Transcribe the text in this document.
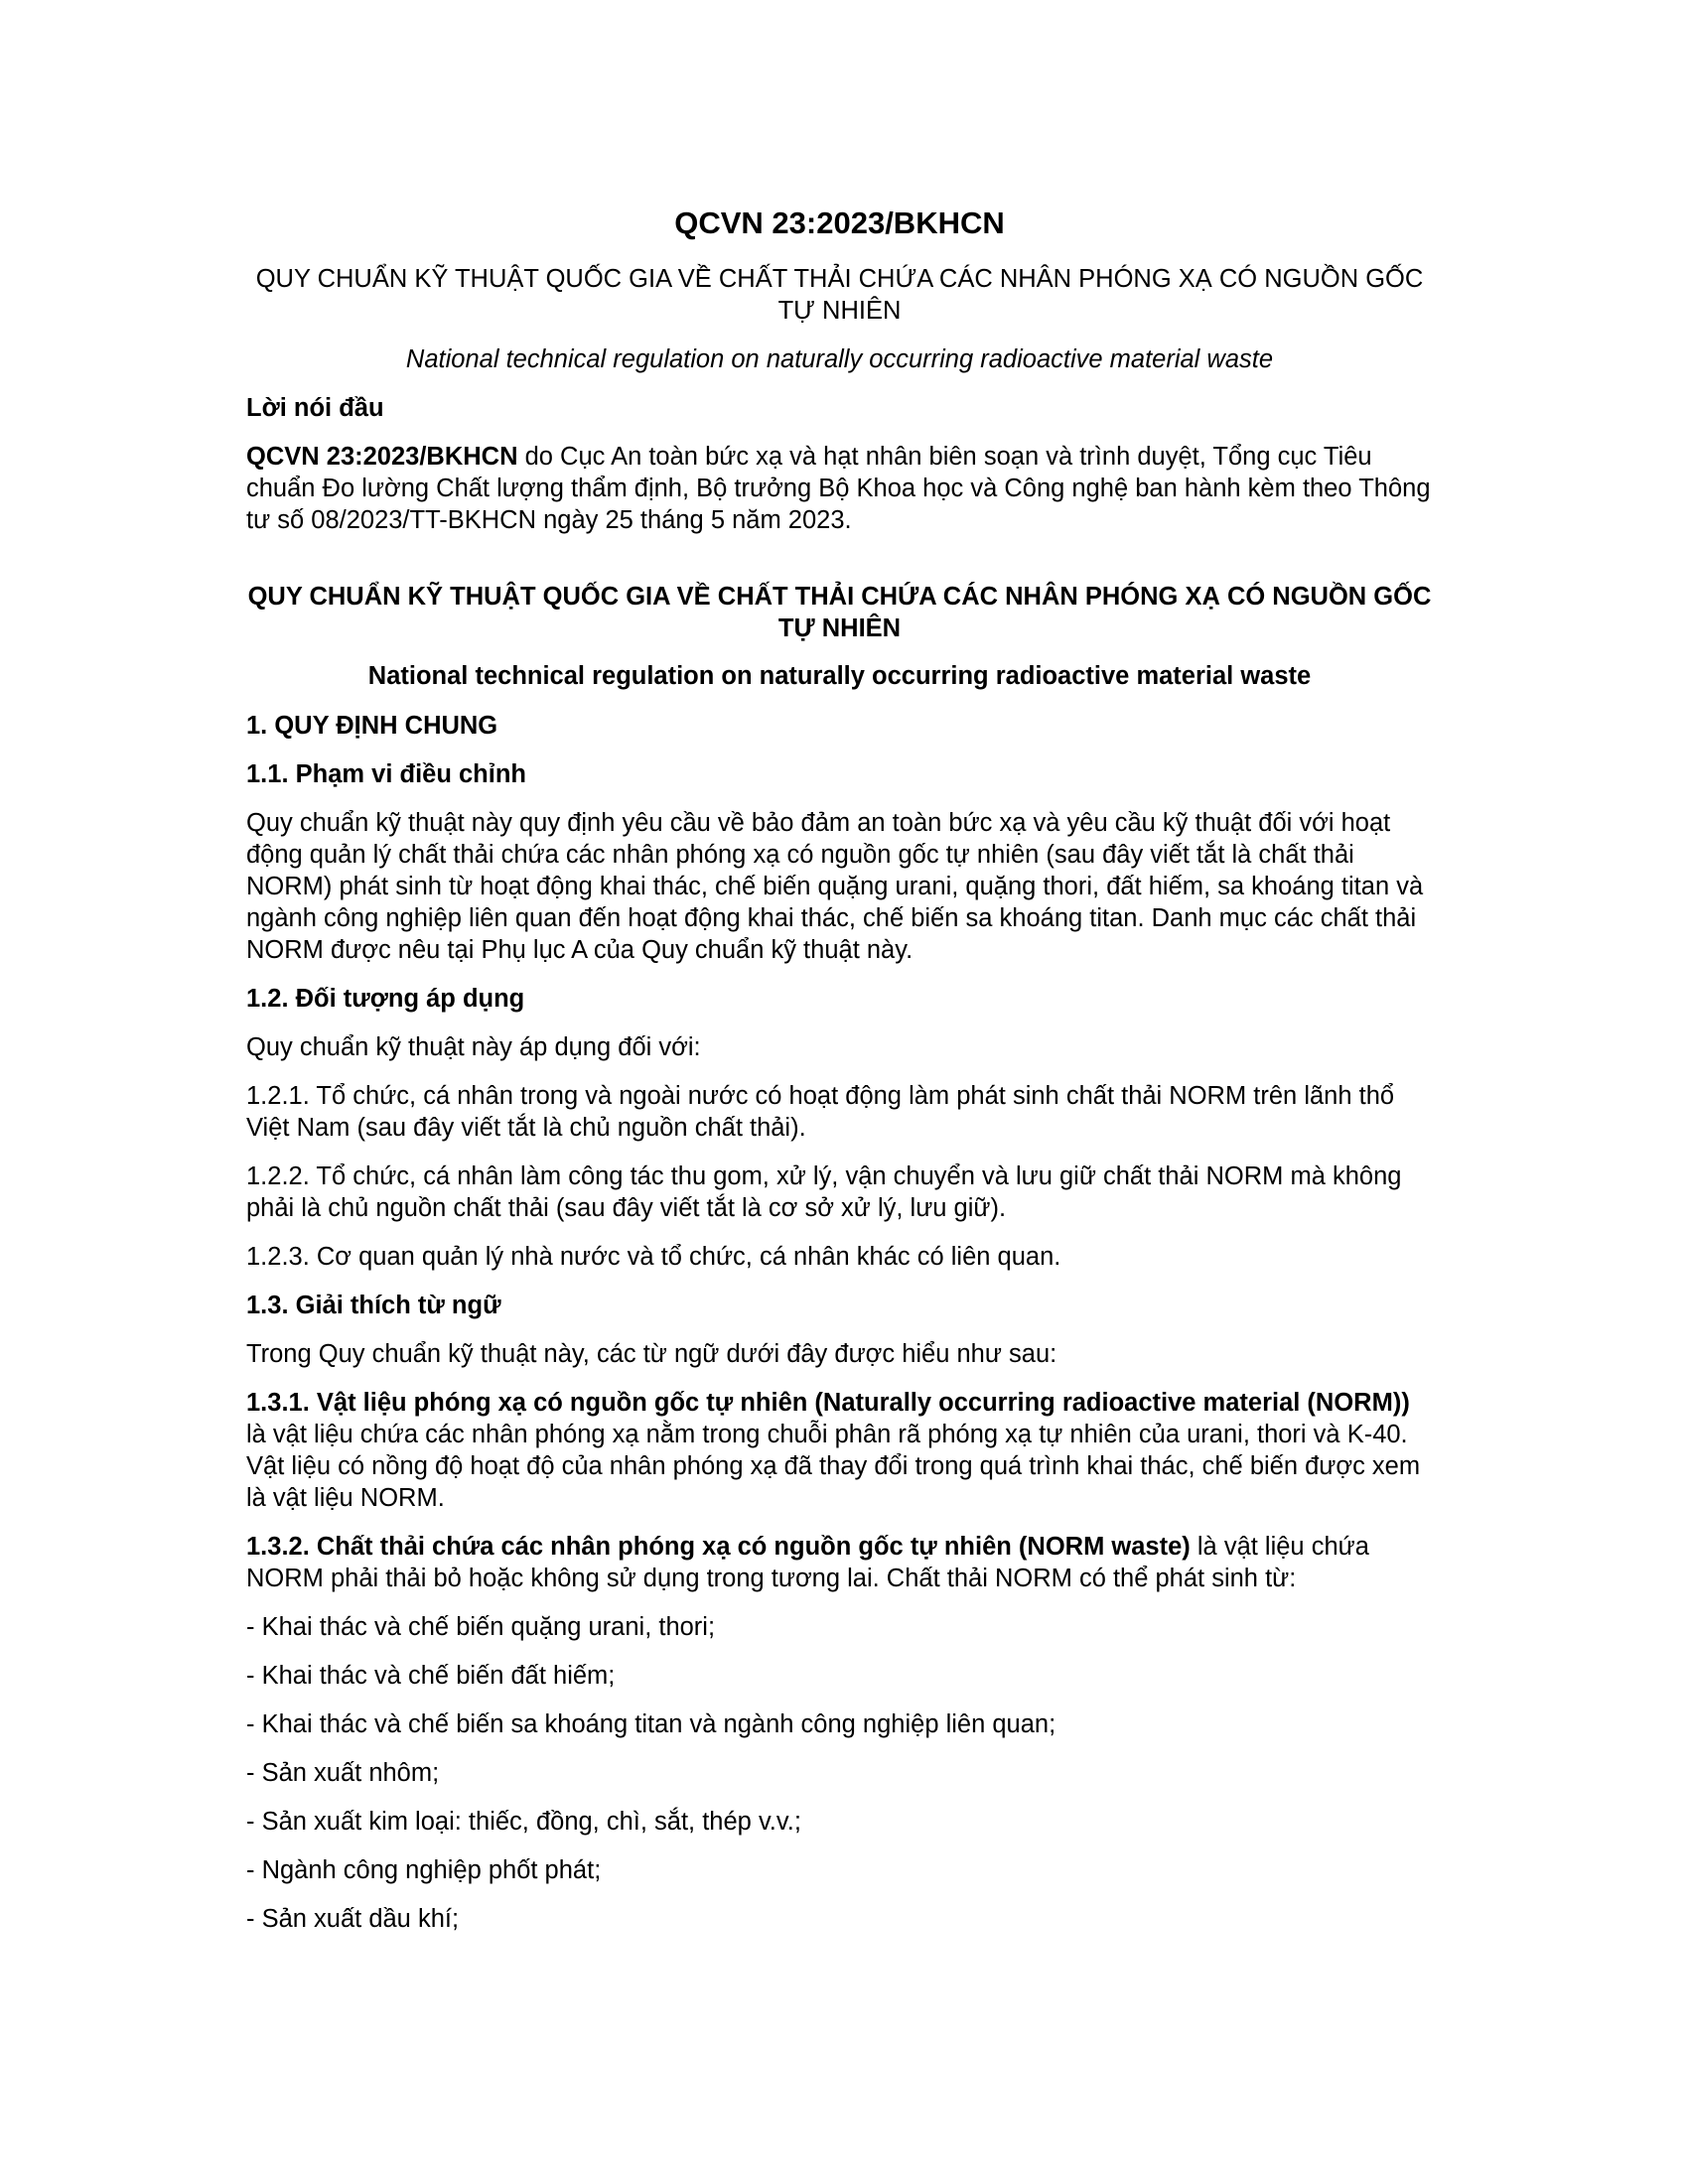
QCVN 23:2023/BKHCN
QUY CHUẨN KỸ THUẬT QUỐC GIA VỀ CHẤT THẢI CHỨA CÁC NHÂN PHÓNG XẠ CÓ NGUỒN GỐC TỰ NHIÊN
National technical regulation on naturally occurring radioactive material waste
Lời nói đầu
QCVN 23:2023/BKHCN do Cục An toàn bức xạ và hạt nhân biên soạn và trình duyệt, Tổng cục Tiêu chuẩn Đo lường Chất lượng thẩm định, Bộ trưởng Bộ Khoa học và Công nghệ ban hành kèm theo Thông tư số 08/2023/TT-BKHCN ngày 25 tháng 5 năm 2023.
QUY CHUẨN KỸ THUẬT QUỐC GIA VỀ CHẤT THẢI CHỨA CÁC NHÂN PHÓNG XẠ CÓ NGUỒN GỐC TỰ NHIÊN
National technical regulation on naturally occurring radioactive material waste
1. QUY ĐỊNH CHUNG
1.1. Phạm vi điều chỉnh
Quy chuẩn kỹ thuật này quy định yêu cầu về bảo đảm an toàn bức xạ và yêu cầu kỹ thuật đối với hoạt động quản lý chất thải chứa các nhân phóng xạ có nguồn gốc tự nhiên (sau đây viết tắt là chất thải NORM) phát sinh từ hoạt động khai thác, chế biến quặng urani, quặng thori, đất hiếm, sa khoáng titan và ngành công nghiệp liên quan đến hoạt động khai thác, chế biến sa khoáng titan. Danh mục các chất thải NORM được nêu tại Phụ lục A của Quy chuẩn kỹ thuật này.
1.2. Đối tượng áp dụng
Quy chuẩn kỹ thuật này áp dụng đối với:
1.2.1. Tổ chức, cá nhân trong và ngoài nước có hoạt động làm phát sinh chất thải NORM trên lãnh thổ Việt Nam (sau đây viết tắt là chủ nguồn chất thải).
1.2.2. Tổ chức, cá nhân làm công tác thu gom, xử lý, vận chuyển và lưu giữ chất thải NORM mà không phải là chủ nguồn chất thải (sau đây viết tắt là cơ sở xử lý, lưu giữ).
1.2.3. Cơ quan quản lý nhà nước và tổ chức, cá nhân khác có liên quan.
1.3. Giải thích từ ngữ
Trong Quy chuẩn kỹ thuật này, các từ ngữ dưới đây được hiểu như sau:
1.3.1. Vật liệu phóng xạ có nguồn gốc tự nhiên (Naturally occurring radioactive material (NORM)) là vật liệu chứa các nhân phóng xạ nằm trong chuỗi phân rã phóng xạ tự nhiên của urani, thori và K-40. Vật liệu có nồng độ hoạt độ của nhân phóng xạ đã thay đổi trong quá trình khai thác, chế biến được xem là vật liệu NORM.
1.3.2. Chất thải chứa các nhân phóng xạ có nguồn gốc tự nhiên (NORM waste) là vật liệu chứa NORM phải thải bỏ hoặc không sử dụng trong tương lai. Chất thải NORM có thể phát sinh từ:
- Khai thác và chế biến quặng urani, thori;
- Khai thác và chế biến đất hiếm;
- Khai thác và chế biến sa khoáng titan và ngành công nghiệp liên quan;
- Sản xuất nhôm;
- Sản xuất kim loại: thiếc, đồng, chì, sắt, thép v.v.;
- Ngành công nghiệp phốt phát;
- Sản xuất dầu khí;
